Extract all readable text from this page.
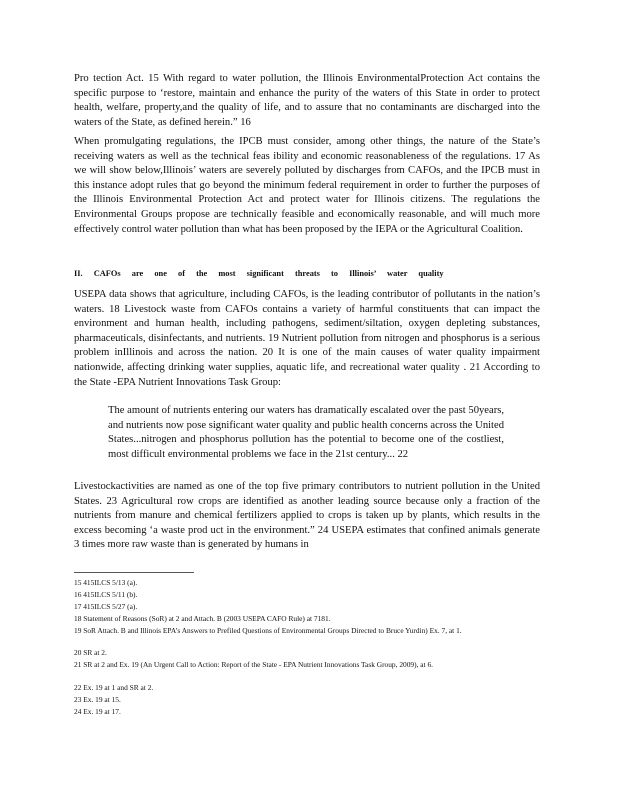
Pro tection Act. 15 With regard to water pollution, the Illinois EnvironmentalProtection Act contains the specific purpose to ‘restore, maintain and enhance the purity of the waters of this State in order to protect health, welfare, property,and the quality of life, and to assure that no contaminants are discharged into the waters of the State, as defined herein.” 16

When promulgating regulations, the IPCB must consider, among other things, the nature of the State’s receiving waters as well as the technical feas ibility and economic reasonableness of the regulations. 17 As we will show below,Illinois’ waters are severely polluted by discharges from CAFOs, and the IPCB must in this instance adopt rules that go beyond the minimum federal requirement in order to further the purposes of the Illinois Environmental Protection Act and protect water for Illinois citizens. The regulations the Environmental Groups propose are technically feasible and economically reasonable, and will much more effectively control water pollution than what has been proposed by the IEPA or the Agricultural Coalition.

II. CAFOs are one of the most significant threats to Illinois’ water quality

USEPA data shows that agriculture, including CAFOs, is the leading contributor of pollutants in the nation’s waters. 18 Livestock waste from CAFOs contains a variety of harmful constituents that can impact the environment and human health, including pathogens, sediment/siltation, oxygen depleting substances, pharmaceuticals, disinfectants, and nutrients. 19 Nutrient pollution from nitrogen and phosphorus is a serious problem inIllinois and across the nation. 20 It is one of the main causes of water quality impairment nationwide, affecting drinking water supplies, aquatic life, and recreational water quality . 21 According to the State -EPA Nutrient Innovations Task Group:

The amount of nutrients entering our waters has dramatically escalated over the past 50years, and nutrients now pose significant water quality and public health concerns across the United States...nitrogen and phosphorus pollution has the potential to become one of the costliest, most difficult environmental problems we face in the 21st century... 22

Livestockactivities are named as one of the top five primary contributors to nutrient pollution in the United States. 23 Agricultural row crops are identified as another leading source because only a fraction of the nutrients from manure and chemical fertilizers applied to crops is taken up by plants, which results in the excess becoming ‘a waste prod uct in the environment.” 24 USEPA estimates that confined animals generate 3 times more raw waste than is generated by humans in

15 415ILCS 5/13 (a).

16 415ILCS 5/11 (b).

17 415ILCS 5/27 (a).

18 Statement of Reasons (SoR) at 2 and Attach. B (2003 USEPA CAFO Rule) at 7181.

19 SoR Attach. B and Illinois EPA’s Answers to Prefiled Questions of Environmental Groups Directed to Bruce Yurdin) Ex. 7, at 1.

20 SR at 2.

21 SR at 2 and Ex. 19 (An Urgent Call to Action: Report of the State - EPA Nutrient Innovations Task Group, 2009), at 6.

22 Ex. 19 at 1 and SR at 2.

23 Ex. 19 at 15.

24 Ex. 19 at 17.
